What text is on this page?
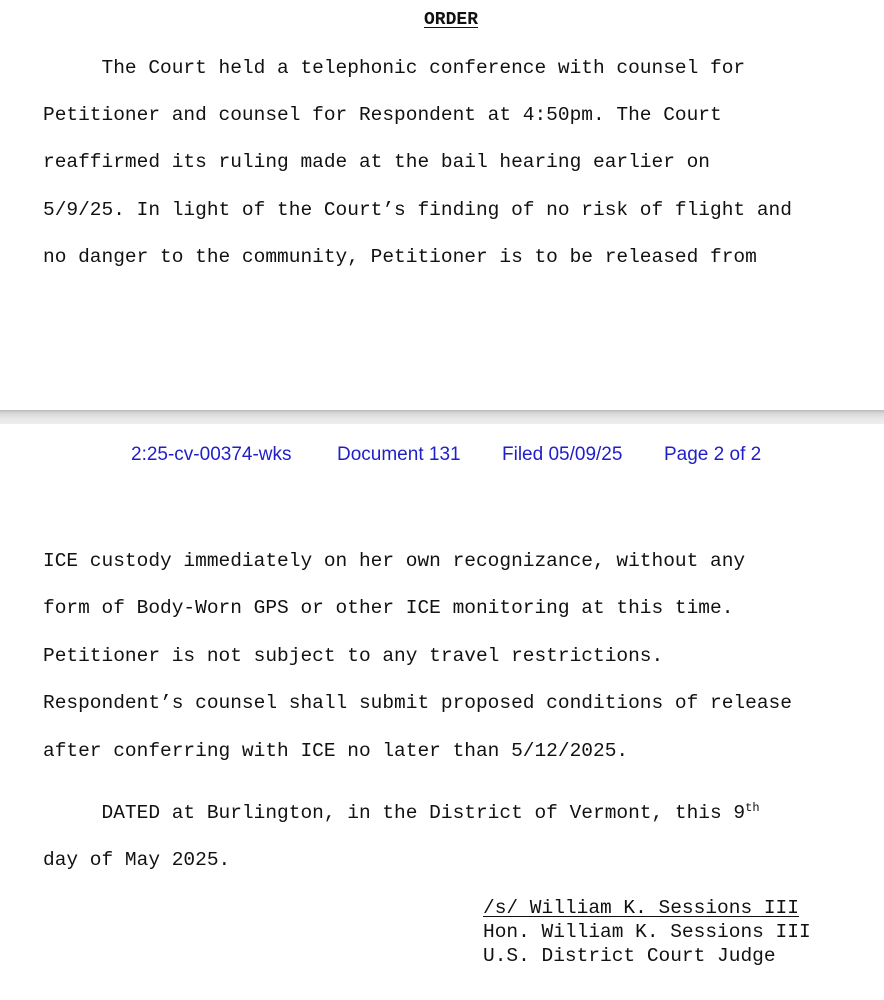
ORDER

The Court held a telephonic conference with counsel for

Petitioner and counsel for Respondent at 4:50pm. The Court

reaffirmed its ruling made at the bail hearing earlier on

5/9/25. In light of the Court’s finding of no risk of flight and

no danger to the community, Petitioner is to be released from

2:25-cv-00374-wks Document 131 Filed 05/09/25 Page 2 of 2

ICE custody immediately on her own recognizance, without any

form of Body-Worn GPS or other ICE monitoring at this time.

Petitioner is not subject to any travel restrictions.

Respondent’s counsel shall submit proposed conditions of release

after conferring with ICE no later than 5/12/2025.

DATED at Burlington, in the District of Vermont, this 9th

day of May 2025.

/s/ William K. Sessions III

Hon. William K. Sessions III

U.S. District Court Judge
